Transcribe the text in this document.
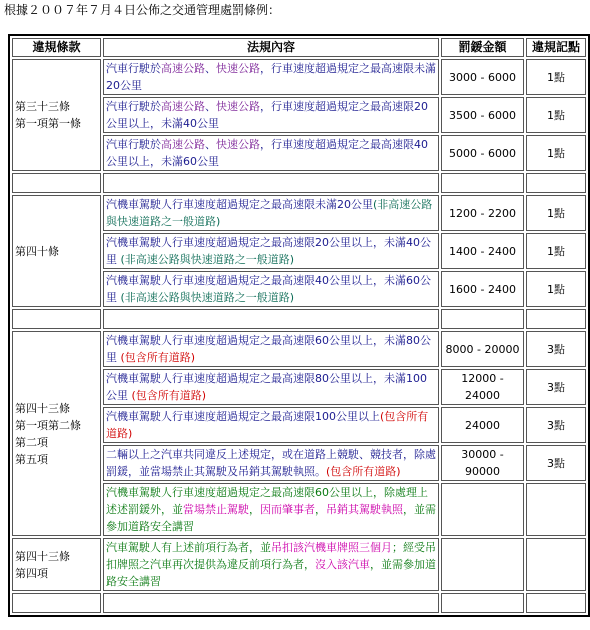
根據２００７年７月４日公佈之交通管理處罰條例：
違規條款	法規內容	罰鍰金額	違規記點

第三十三條
第一項第一條	汽車行駛於高速公路、快速公路，行車速度超過規定之最高速限未滿20公里	3000 - 6000	1點
	汽車行駛於高速公路、快速公路，行車速度超過規定之最高速限20公里以上，未滿40公里	3500 - 6000	1點
	汽車行駛於高速公路、快速公路，行車速度超過規定之最高速限40公里以上，未滿60公里	5000 - 6000	1點

第四十條	汽機車駕駛人行車速度超過規定之最高速限未滿20公里(非高速公路與快速道路之一般道路)	1200 - 2200	1點
	汽機車駕駛人行車速度超過規定之最高速限20公里以上，未滿40公里 (非高速公路與快速道路之一般道路)	1400 - 2400	1點
	汽機車駕駛人行車速度超過規定之最高速限40公里以上，未滿60公里 (非高速公路與快速道路之一般道路)	1600 - 2400	1點

第四十三條
第一項第二條
第二項
第五項	汽機車駕駛人行車速度超過規定之最高速限60公里以上，未滿80公里 (包含所有道路)	8000 - 20000	3點
	汽機車駕駛人行車速度超過規定之最高速限80公里以上，未滿100公里 (包含所有道路)	12000 - 24000	3點
	汽機車駕駛人行車速度超過規定之最高速限100公里以上(包含所有道路)	24000	3點
	二輛以上之汽車共同違反上述規定，或在道路上競駛、競技者，除處罰鍰，並當場禁止其駕駛及吊銷其駕駛執照。(包含所有道路)	30000 - 90000	3點
	汽機車駕駛人行車速度超過規定之最高速限60公里以上，除處理上述述罰鍰外，並當場禁止駕駛，因而肇事者，吊銷其駕駛執照，並需參加道路安全講習		

第四十三條
第四項	汽車駕駛人有上述前項行為者，並吊扣該汽機車牌照三個月；經受吊扣牌照之汽車再次提供為違反前項行為者，沒入該汽車，並需參加道路安全講習		
